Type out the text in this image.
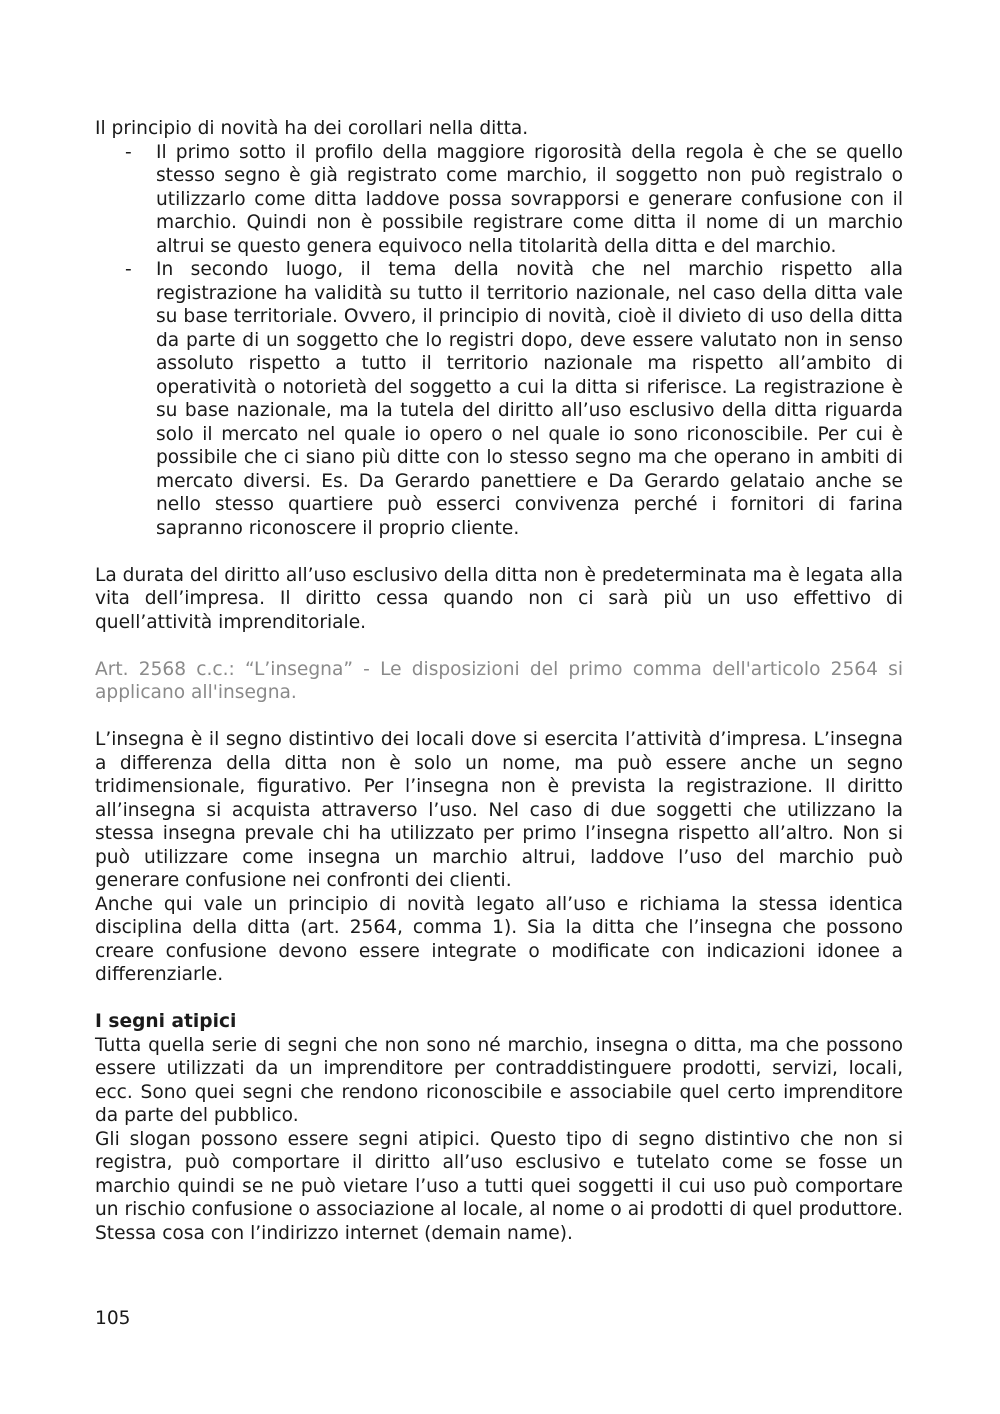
Il principio di novità ha dei corollari nella ditta.

- Il primo sotto il profilo della maggiore rigorosità della regola è che se quello stesso segno è già registrato come marchio, il soggetto non può registralo o utilizzarlo come ditta laddove possa sovrapporsi e generare confusione con il marchio. Quindi non è possibile registrare come ditta il nome di un marchio altrui se questo genera equivoco nella titolarità della ditta e del marchio.
- In secondo luogo, il tema della novità che nel marchio rispetto alla registrazione ha validità su tutto il territorio nazionale, nel caso della ditta vale su base territoriale. Ovvero, il principio di novità, cioè il divieto di uso della ditta da parte di un soggetto che lo registri dopo, deve essere valutato non in senso assoluto rispetto a tutto il territorio nazionale ma rispetto all’ambito di operatività o notorietà del soggetto a cui la ditta si riferisce. La registrazione è su base nazionale, ma la tutela del diritto all’uso esclusivo della ditta riguarda solo il mercato nel quale io opero o nel quale io sono riconoscibile. Per cui è possibile che ci siano più ditte con lo stesso segno ma che operano in ambiti di mercato diversi. Es. Da Gerardo panettiere e Da Gerardo gelataio anche se nello stesso quartiere può esserci convivenza perché i fornitori di farina sapranno riconoscere il proprio cliente.

La durata del diritto all’uso esclusivo della ditta non è predeterminata ma è legata alla vita dell’impresa. Il diritto cessa quando non ci sarà più un uso effettivo di quell’attività imprenditoriale.

Art. 2568 c.c.: “L’insegna” - Le disposizioni del primo comma dell'articolo 2564 si applicano all'insegna.

L’insegna è il segno distintivo dei locali dove si esercita l’attività d’impresa. L’insegna a differenza della ditta non è solo un nome, ma può essere anche un segno tridimensionale, figurativo. Per l’insegna non è prevista la registrazione. Il diritto all’insegna si acquista attraverso l’uso. Nel caso di due soggetti che utilizzano la stessa insegna prevale chi ha utilizzato per primo l’insegna rispetto all’altro. Non si può utilizzare come insegna un marchio altrui, laddove l’uso del marchio può generare confusione nei confronti dei clienti.

Anche qui vale un principio di novità legato all’uso e richiama la stessa identica disciplina della ditta (art. 2564, comma 1). Sia la ditta che l’insegna che possono creare confusione devono essere integrate o modificate con indicazioni idonee a differenziarle.

I segni atipici

Tutta quella serie di segni che non sono né marchio, insegna o ditta, ma che possono essere utilizzati da un imprenditore per contraddistinguere prodotti, servizi, locali, ecc. Sono quei segni che rendono riconoscibile e associabile quel certo imprenditore da parte del pubblico.

Gli slogan possono essere segni atipici. Questo tipo di segno distintivo che non si registra, può comportare il diritto all’uso esclusivo e tutelato come se fosse un marchio quindi se ne può vietare l’uso a tutti quei soggetti il cui uso può comportare un rischio confusione o associazione al locale, al nome o ai prodotti di quel produttore. Stessa cosa con l’indirizzo internet (demain name).

105
